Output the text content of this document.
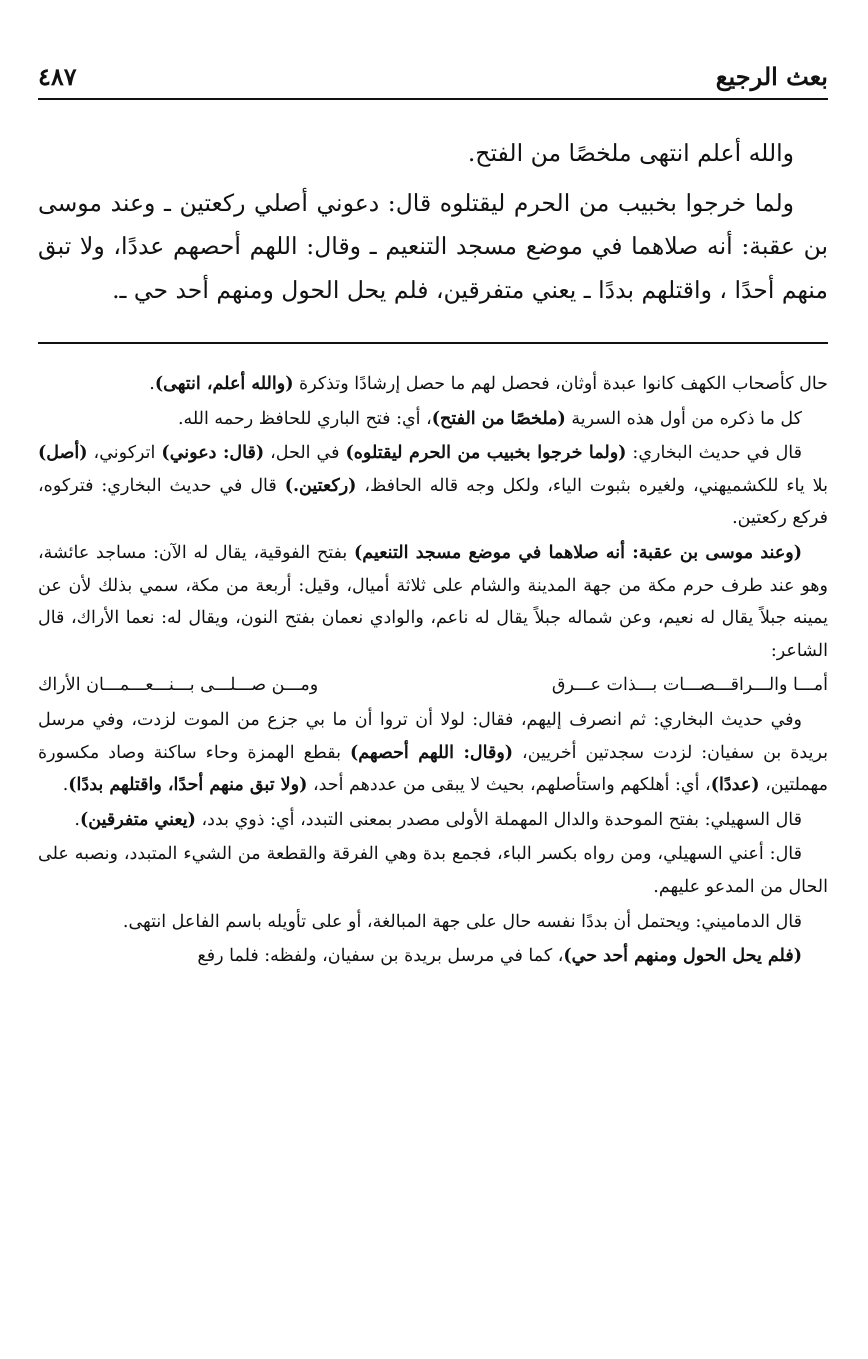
بعث الرجيع
٤٨٧

والله أعلم انتهى ملخصًا من الفتح.

ولما خرجوا بخبيب من الحرم ليقتلوه قال: دعوني أصلي ركعتين ـ وعند موسى بن عقبة: أنه صلاهما في موضع مسجد التنعيم ـ وقال: اللهم أحصهم عددًا، ولا تبق منهم أحدًا ، واقتلهم بددًا ـ يعني متفرقين، فلم يحل الحول ومنهم أحد حي ـ.

حال كأصحاب الكهف كانوا عبدة أوثان، فحصل لهم ما حصل إرشادًا وتذكرة (والله أعلم، انتهى).

كل ما ذكره من أول هذه السرية (ملخصًا من الفتح)، أي: فتح الباري للحافظ رحمه الله.

قال في حديث البخاري: (ولما خرجوا بخبيب من الحرم ليقتلوه) في الحل، (قال: دعوني) اتركوني، (أصل) بلا ياء للكشميهني، ولغيره بثبوت الياء، ولكل وجه قاله الحافظ، (ركعتين.) قال في حديث البخاري: فتركوه، فركع ركعتين.

(وعند موسى بن عقبة: أنه صلاهما في موضع مسجد التنعيم) بفتح الفوقية، يقال له الآن: مساجد عائشة، وهو عند طرف حرم مكة من جهة المدينة والشام على ثلاثة أميال، وقيل: أربعة من مكة، سمي بذلك لأن عن يمينه جبلاً يقال له نعيم، وعن شماله جبلاً يقال له ناعم، والوادي نعمان بفتح النون، ويقال له: نعما الأراك، قال الشاعر:

أمـــا والـــراقـــصـــات بـــذات عـــرق
ومـــن صـــلـــى بـــنـــعـــمـــان الأراك

وفي حديث البخاري: ثم انصرف إليهم، فقال: لولا أن تروا أن ما بي جزع من الموت لزدت، وفي مرسل بريدة بن سفيان: لزدت سجدتين أخريين، (وقال: اللهم أحصهم) بقطع الهمزة وحاء ساكنة وصاد مكسورة مهملتين، (عددًا)، أي: أهلكهم واستأصلهم، بحيث لا يبقى من عددهم أحد، (ولا تبق منهم أحدًا، واقتلهم بددًا).

قال السهيلي: بفتح الموحدة والدال المهملة الأولى مصدر بمعنى التبدد، أي: ذوي بدد، (يعني متفرقين).

قال: أعني السهيلي، ومن رواه بكسر الباء، فجمع بدة وهي الفرقة والقطعة من الشيء المتبدد، ونصبه على الحال من المدعو عليهم.

قال الدماميني: ويحتمل أن بددًا نفسه حال على جهة المبالغة، أو على تأويله باسم الفاعل انتهى.

(فلم يحل الحول ومنهم أحد حي)، كما في مرسل بريدة بن سفيان، ولفظه: فلما رفع
